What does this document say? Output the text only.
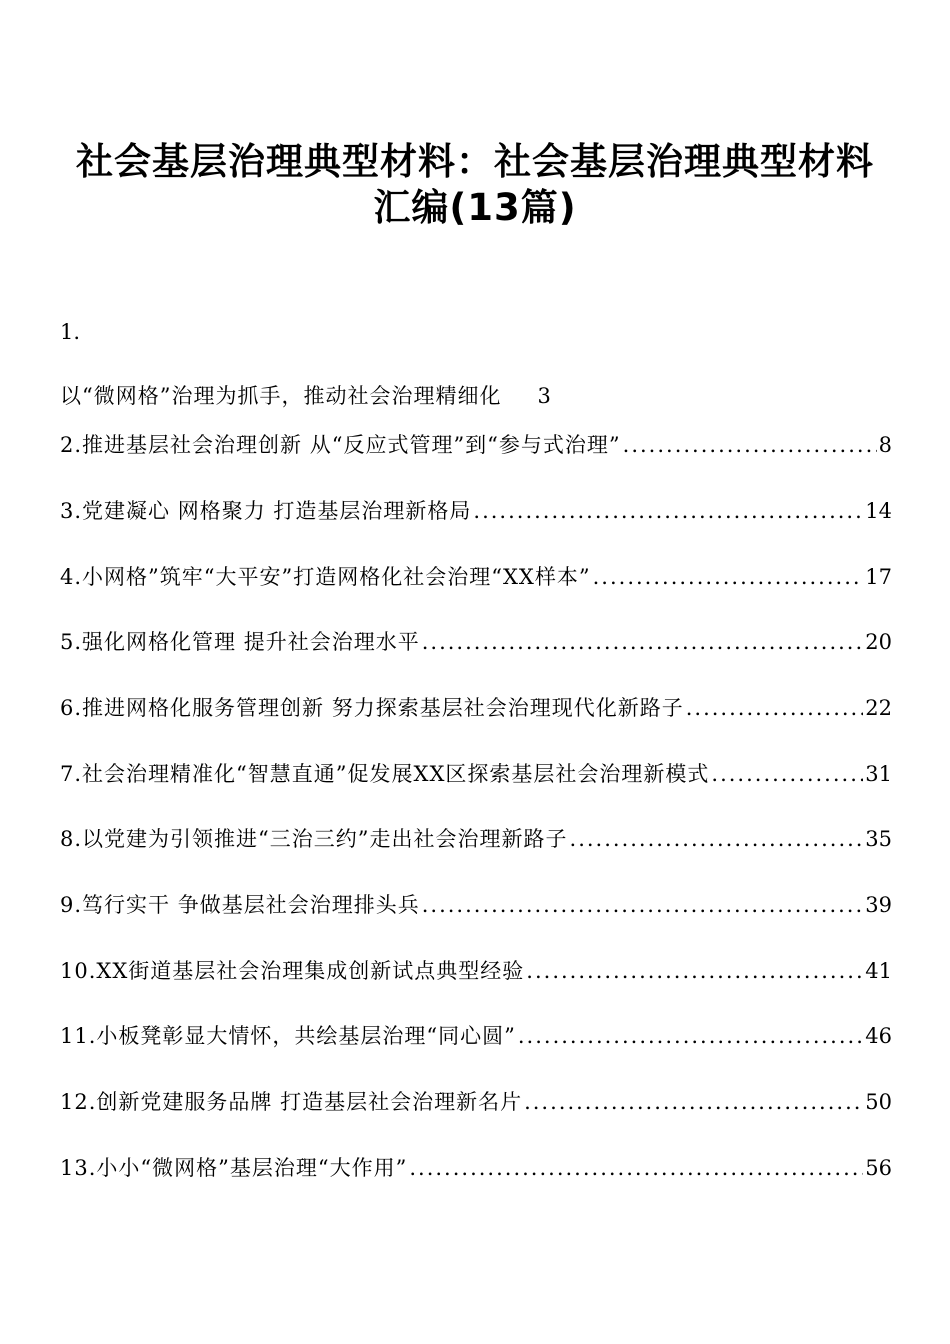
社会基层治理典型材料：社会基层治理典型材料
汇编(13篇)
1.
以“微网格”治理为抓手，推动社会治理精细化 3
2.推进基层社会治理创新 从“反应式管理”到“参与式治理” .....	8
3.党建凝心 网格聚力 打造基层治理新格局 .....	14
4.小网格”筑牢“大平安”打造网格化社会治理“XX样本” .....	17
5.强化网格化管理 提升社会治理水平 .....	20
6.推进网格化服务管理创新 努力探索基层社会治理现代化新路子 .....	22
7.社会治理精准化“智慧直通”促发展XX区探索基层社会治理新模式 .....	31
8.以党建为引领推进“三治三约”走出社会治理新路子 .....	35
9.笃行实干 争做基层社会治理排头兵 .....	39
10.XX街道基层社会治理集成创新试点典型经验 .....	41
11.小板凳彰显大情怀，共绘基层治理“同心圆” .....	46
12.创新党建服务品牌 打造基层社会治理新名片 .....	50
13.小小“微网格”基层治理“大作用” .....	56
